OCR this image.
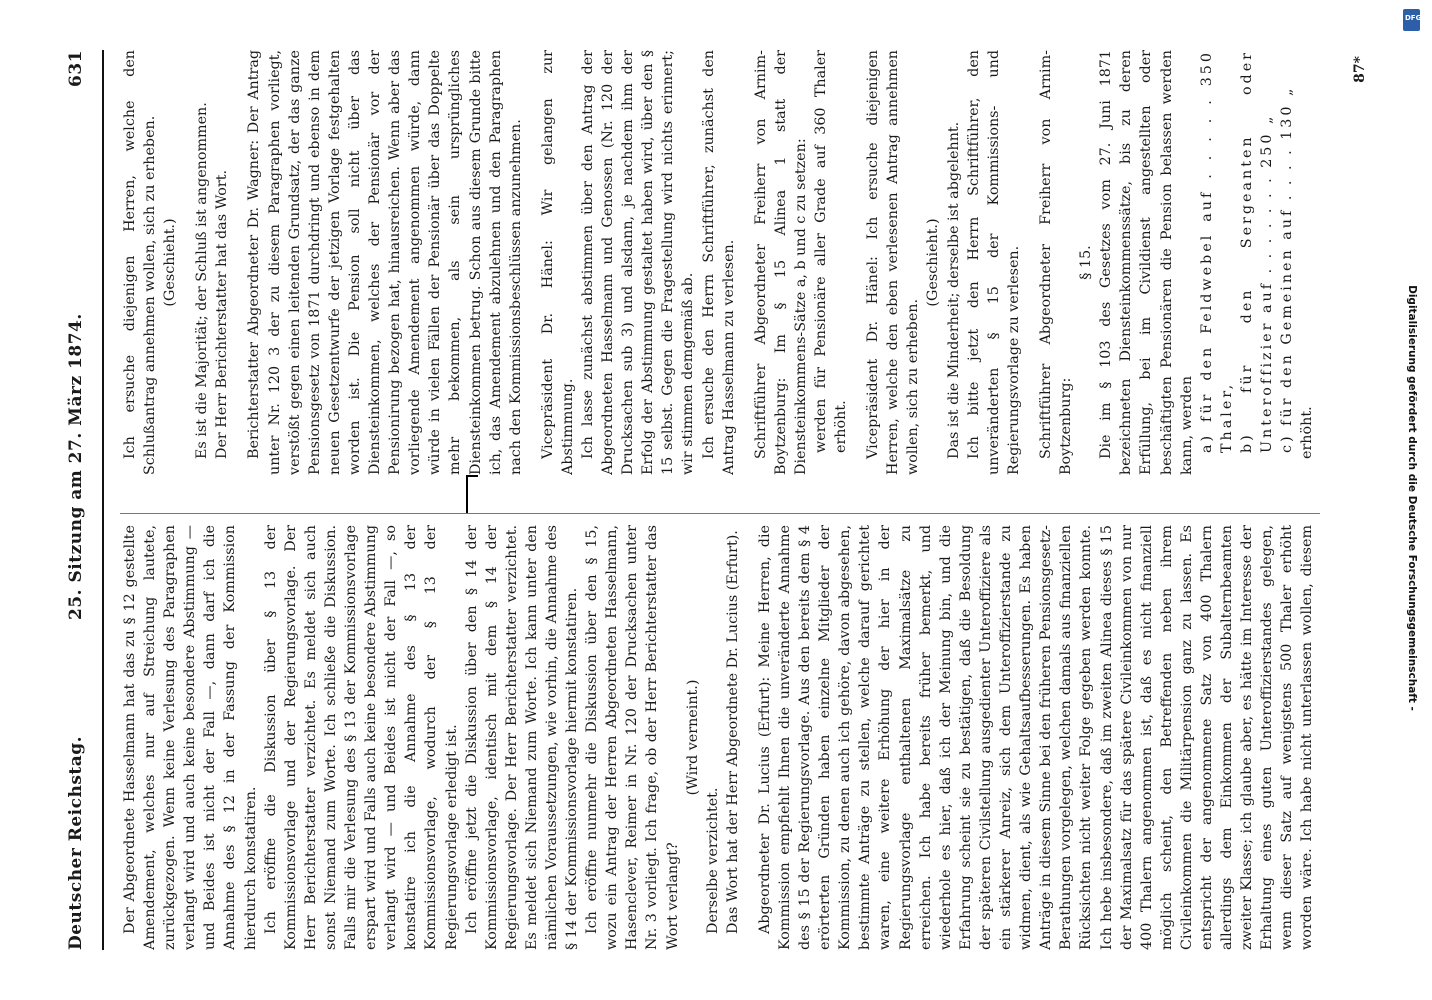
Deutscher Reichstag.
25. Sitzung am 27. März 1874.
631

Der Abgeordnete Hasselmann hat das zu § 12 gestellte Amendement, welches nur auf Streichung lautete, zurückgezogen. Wenn keine Verlesung des Paragraphen verlangt wird und auch keine besondere Abstimmung — und Beides ist nicht der Fall —, dann darf ich die Annahme des § 12 in der Fassung der Kommission hierdurch konstatiren. Ich eröffne die Diskussion über § 13 der Kommissionsvorlage und der Regierungsvorlage. Der Herr Berichterstatter verzichtet. Es meldet sich auch sonst Niemand zum Worte. Ich schließe die Diskussion. Falls mir die Verlesung des § 13 der Kommissionsvorlage erspart wird und Falls auch keine besondere Abstimmung verlangt wird — und Beides ist nicht der Fall —, so konstatire ich die Annahme des § 13 der Kommissionsvorlage, wodurch der § 13 der Regierungsvorlage erledigt ist. Ich eröffne jetzt die Diskussion über den § 14 der Kommissionsvorlage, identisch mit dem § 14 der Regierungsvorlage. Der Herr Berichterstatter verzichtet. Es meldet sich Niemand zum Worte. Ich kann unter den nämlichen Voraussetzungen, wie vorhin, die Annahme des § 14 der Kommissionsvorlage hiermit konstatiren. Ich eröffne nunmehr die Diskussion über den § 15, wozu ein Antrag der Herren Abgeordneten Hasselmann, Hasenclever, Reimer in Nr. 120 der Drucksachen unter Nr. 3 vorliegt. Ich frage, ob der Herr Berichterstatter das Wort verlangt?

(Wird verneint.)

Derselbe verzichtet. Das Wort hat der Herr Abgeordnete Dr. Lucius (Erfurt). Abgeordneter Dr. Lucius (Erfurt): Meine Herren, die Kommission empfiehlt Ihnen die unveränderte Annahme des § 15 der Regierungsvorlage. Aus den bereits dem § 4 erörterten Gründen haben einzelne Mitglieder der Kommission, zu denen auch ich gehöre, davon abgesehen, bestimmte Anträge zu stellen, welche darauf gerichtet waren, eine weitere Erhöhung der hier in der Regierungsvorlage enthaltenen Maximalsätze zu erreichen. Ich habe bereits früher bemerkt, und wiederhole es hier, daß ich der Meinung bin, und die Erfahrung scheint sie zu bestätigen, daß die Besoldung der späteren Civilstellung ausgedienter Unteroffiziere als ein stärkerer Anreiz, sich dem Unteroffizierstande zu widmen, dient, als wie Gehaltsaufbesserungen. Es haben Anträge in diesem Sinne bei den früheren Pensionsgesetz-Berathungen vorgelegen, welchen damals aus finanziellen Rücksichten nicht weiter Folge gegeben werden konnte. Ich hebe insbesondere, daß im zweiten Alinea dieses § 15 der Maximalsatz für das spätere Civileinkommen von nur 400 Thalern angenommen ist, daß es nicht finanziell möglich scheint, den Betreffenden neben ihrem Civileinkommen die Militärpension ganz zu lassen. Es entspricht der angenommene Satz von 400 Thalern allerdings dem Einkommen der Subalternbeamten zweiter Klasse; ich glaube aber, es hätte im Interesse der Erhaltung eines guten Unteroffizierstandes gelegen, wenn dieser Satz auf wenigstens 500 Thaler erhöht worden wäre. Ich habe nicht unterlassen wollen, diesem

Ich ersuche diejenigen Herren, welche den Schlußantrag annehmen wollen, sich zu erheben. (Geschieht.) Es ist die Majorität; der Schluß ist angenommen. Der Herr Berichterstatter hat das Wort. Berichterstatter Abgeordneter Dr. Wagner: Der Antrag unter Nr. 120 3 der zu diesem Paragraphen vorliegt, verstößt gegen einen leitenden Grundsatz, der das ganze Pensionsgesetz von 1871 durchdringt und ebenso in dem neuen Gesetzentwurfe der jetzigen Vorlage festgehalten worden ist. Die Pension soll nicht über das Diensteinkommen, welches der Pensionär vor der Pensionirung bezogen hat, hinausreichen. Wenn aber das vorliegende Amendement angenommen würde, dann würde in vielen Fällen der Pensionär über das Doppelte mehr bekommen, als sein ursprüngliches Diensteinkommen betrug. Schon aus diesem Grunde bitte ich, das Amendement abzulehnen und den Paragraphen nach den Kommissionsbeschlüssen anzunehmen. Vicepräsident Dr. Hänel: Wir gelangen zur Abstimmung. Ich lasse zunächst abstimmen über den Antrag der Abgeordneten Hasselmann und Genossen (Nr. 120 der Drucksachen sub 3) und alsdann, je nachdem ihm der Erfolg der Abstimmung gestaltet haben wird, über den § 15 selbst. Gegen die Fragestellung wird nichts erinnert; wir stimmen demgemäß ab. Ich ersuche den Herrn Schriftführer, zunächst den Antrag Hasselmann zu verlesen. Schriftführer Abgeordneter Freiherr von Arnim-Boytzenburg: Im § 15 Alinea 1 statt der Diensteinkommens-Sätze a, b und c zu setzen: werden für Pensionäre aller Grade auf 360 Thaler erhöht. Vicepräsident Dr. Hänel: Ich ersuche diejenigen Herren, welche den eben verlesenen Antrag annehmen wollen, sich zu erheben.

(Geschieht.) Das ist die Minderheit; derselbe ist abgelehnt. Ich bitte jetzt den Herrn Schriftführer, den unveränderten § 15 der Kommissions- und Regierungsvorlage zu verlesen. Schriftführer Abgeordneter Freiherr von Arnim-Boytzenburg:

§ 15. Die im § 103 des Gesetzes vom 27. Juni 1871 bezeichneten Diensteinkommenssätze, bis zu deren Erfüllung, bei im Civildienst angestellten oder beschäftigten Pensionären die Pension belassen werden kann, werden a) für den Feldwebel auf . . . . . 350 Thaler, b) für den Sergeanten oder Unteroffizier auf . . . . . . . 250 „ c) für den Gemeinen auf . . . . 130 „ erhöht.

87*
DFG
Digitalisierung gefördert durch die Deutsche Forschungsgemeinschaft -
